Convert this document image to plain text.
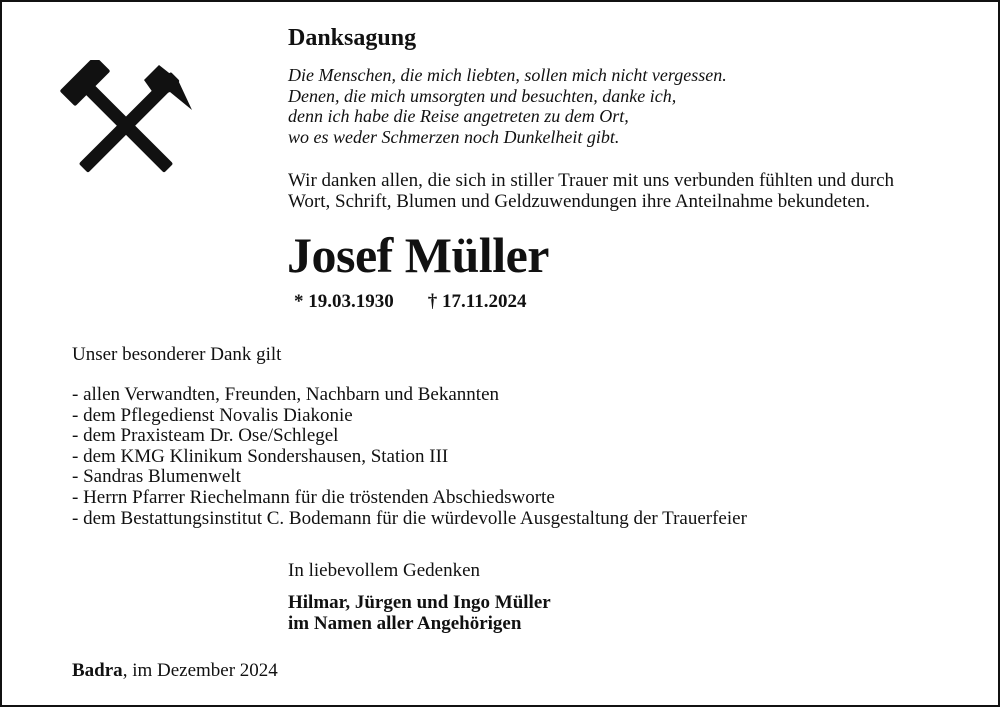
Danksagung
Die Menschen, die mich liebten, sollen mich nicht vergessen.
Denen, die mich umsorgten und besuchten, danke ich,
denn ich habe die Reise angetreten zu dem Ort,
wo es weder Schmerzen noch Dunkelheit gibt.
Wir danken allen, die sich in stiller Trauer mit uns verbunden fühlten und durch
Wort, Schrift, Blumen und Geldzuwendungen ihre Anteilnahme bekundeten.
Josef Müller
* 19.03.1930 † 17.11.2024
Unser besonderer Dank gilt
- allen Verwandten, Freunden, Nachbarn und Bekannten
- dem Pflegedienst Novalis Diakonie
- dem Praxisteam Dr. Ose/Schlegel
- dem KMG Klinikum Sondershausen, Station III
- Sandras Blumenwelt
- Herrn Pfarrer Riechelmann für die tröstenden Abschiedsworte
- dem Bestattungsinstitut C. Bodemann für die würdevolle Ausgestaltung der Trauerfeier
In liebevollem Gedenken
Hilmar, Jürgen und Ingo Müller
im Namen aller Angehörigen
Badra, im Dezember 2024
